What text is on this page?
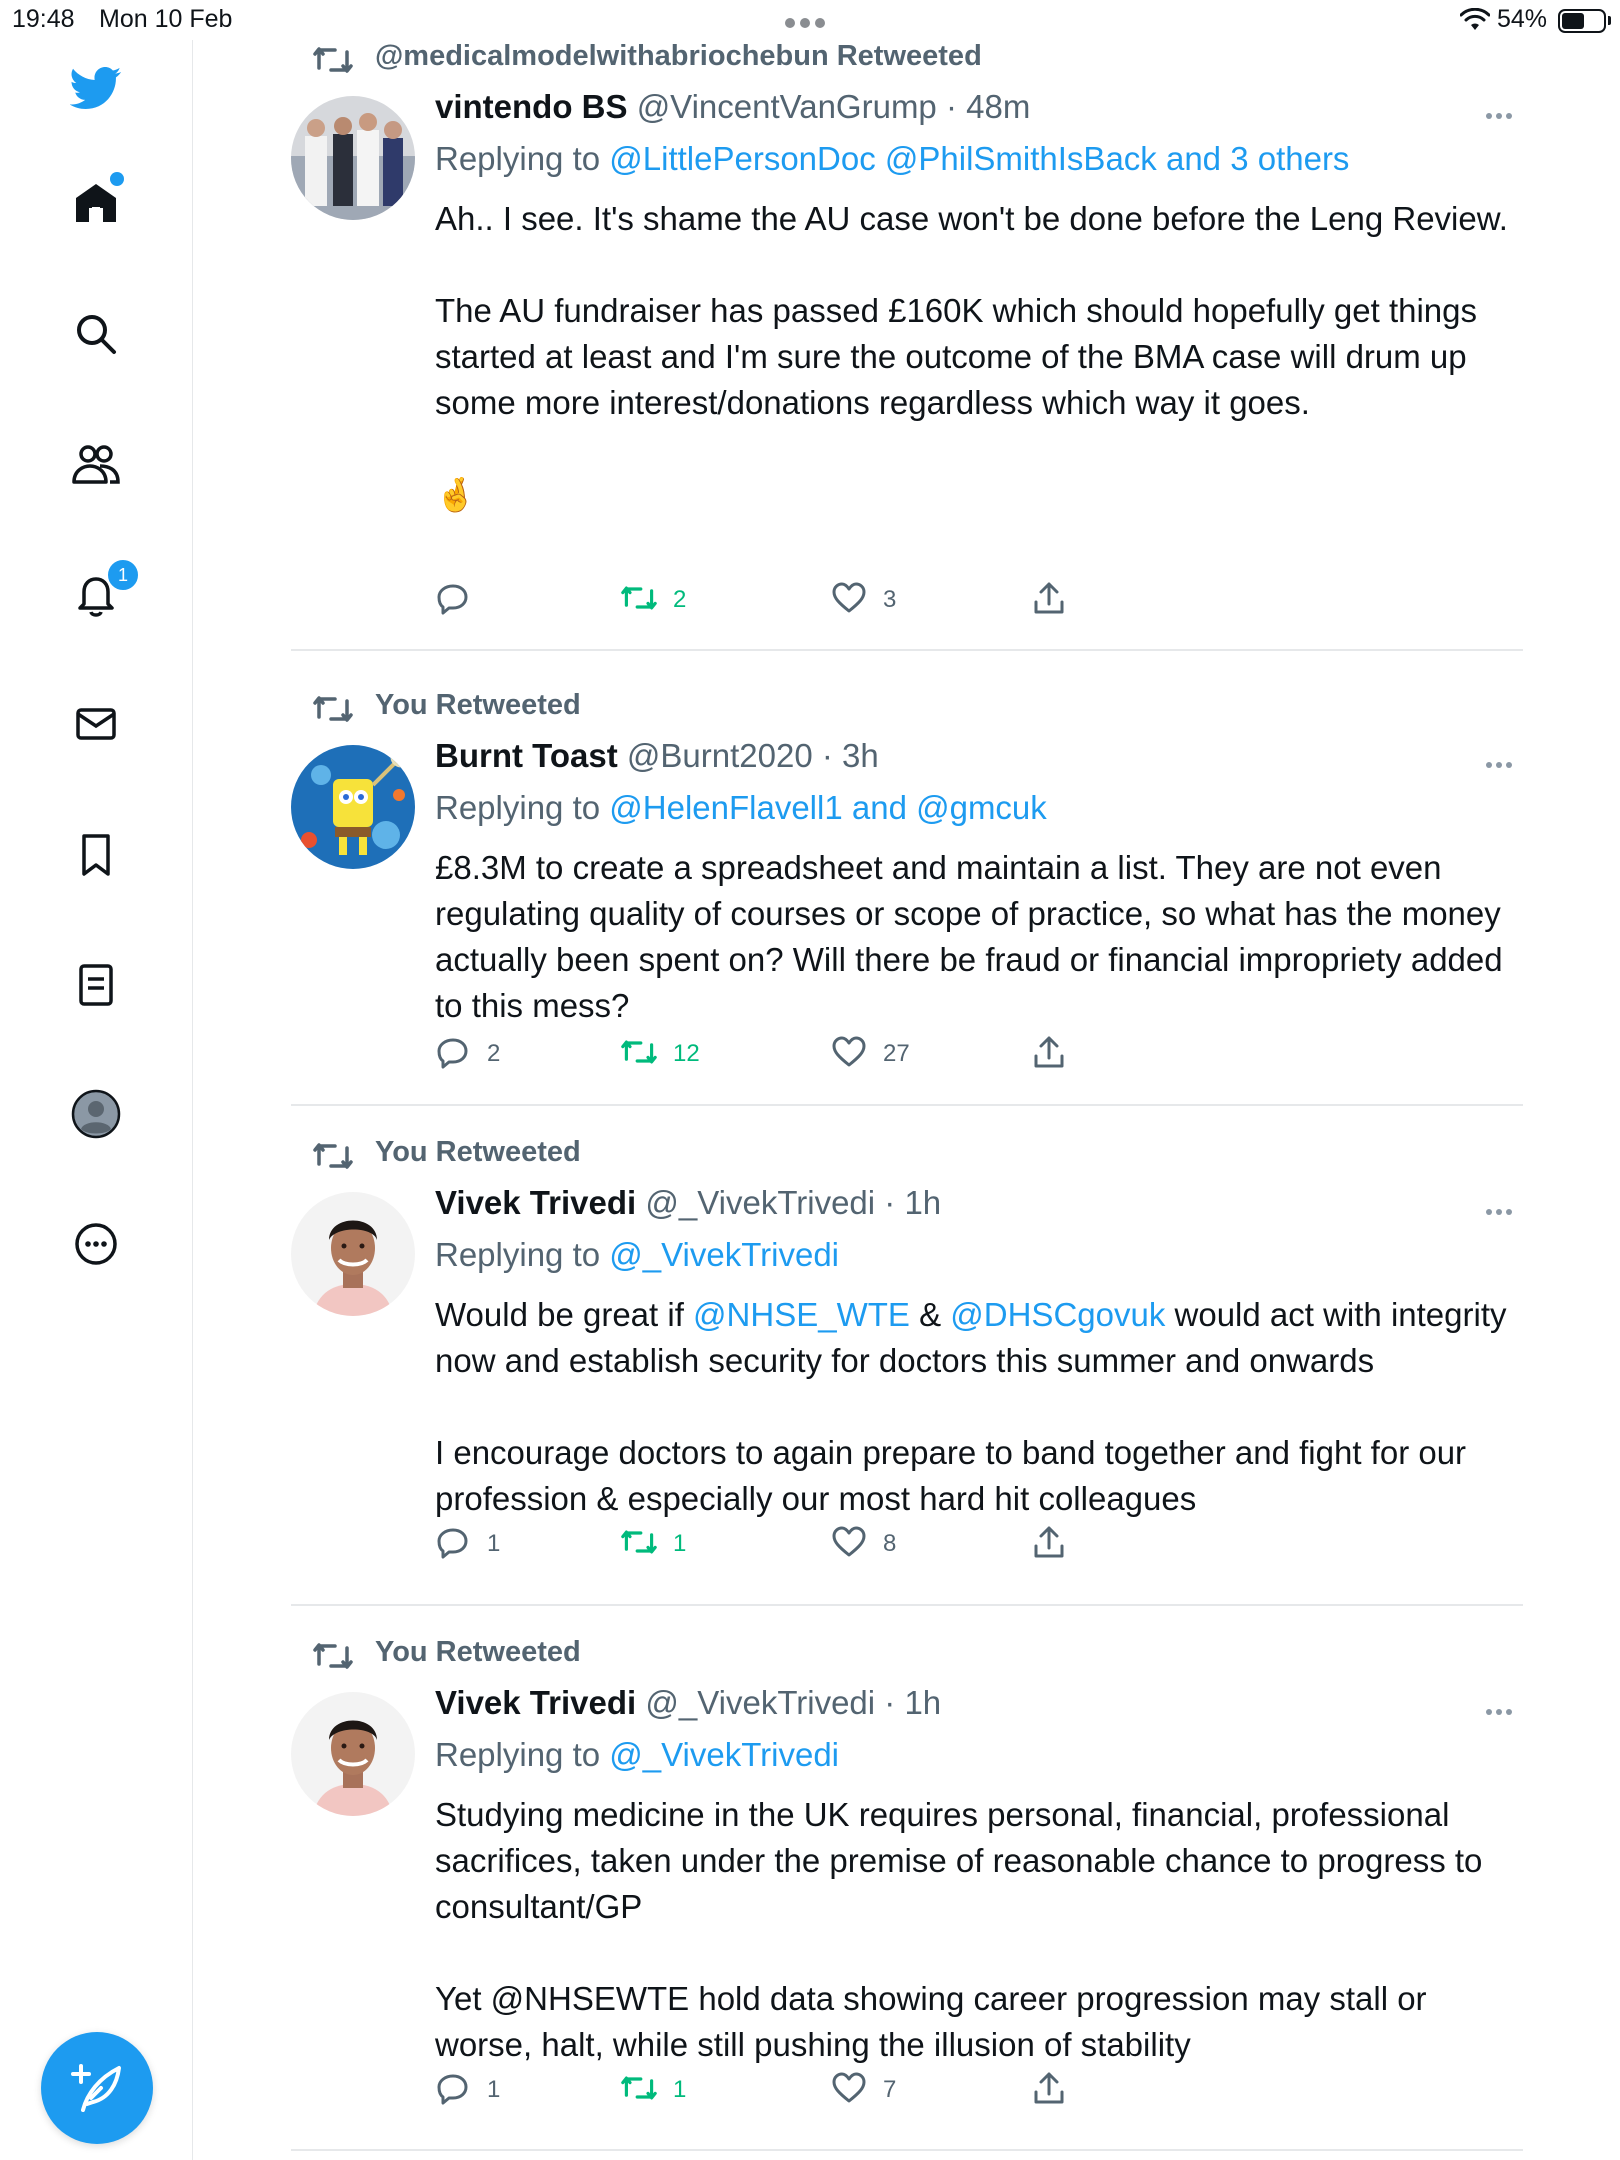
19:48 Mon 10 Feb	54%
1
@medicalmodelwithabriochebun Retweeted
vintendo BS @VincentVanGrump · 48m
Replying to @LittlePersonDoc @PhilSmithIsBack and 3 others

Ah.. I see. It's shame the AU case won't be done before the Leng Review.

The AU fundraiser has passed £160K which should hopefully get things started at least and I'm sure the outcome of the BMA case will drum up some more interest/donations regardless which way it goes.

🤞

2	3
You Retweeted
Burnt Toast @Burnt2020 · 3h
Replying to @HelenFlavell1 and @gmcuk

£8.3M to create a spreadsheet and maintain a list. They are not even regulating quality of courses or scope of practice, so what has the money actually been spent on? Will there be fraud or financial impropriety added to this mess?

2	12	27
You Retweeted
Vivek Trivedi @_VivekTrivedi · 1h
Replying to @_VivekTrivedi

Would be great if @NHSE_WTE & @DHSCgovuk would act with integrity now and establish security for doctors this summer and onwards

I encourage doctors to again prepare to band together and fight for our profession & especially our most hard hit colleagues

1	1	8
You Retweeted
Vivek Trivedi @_VivekTrivedi · 1h
Replying to @_VivekTrivedi

Studying medicine in the UK requires personal, financial, professional sacrifices, taken under the premise of reasonable chance to progress to consultant/GP

Yet @NHSEWTE hold data showing career progression may stall or worse, halt, while still pushing the illusion of stability

1	1	7
